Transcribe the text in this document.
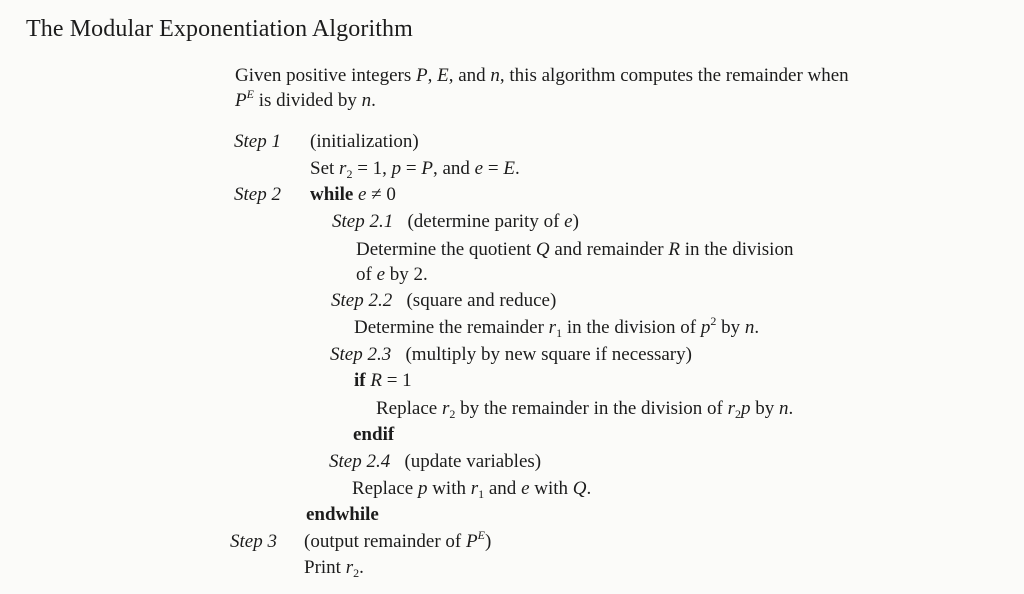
The Modular Exponentiation Algorithm
Given positive integers P, E, and n, this algorithm computes the remainder when
$P^E$ is divided by n.
Step 1 (initialization)
Set $r_2 = 1$, p = P, and e = E.
Step 2 while e ≠ 0
Step 2.1 (determine parity of e)
Determine the quotient Q and remainder R in the division
of e by 2.
Step 2.2 (square and reduce)
Determine the remainder $r_1$ in the division of $p^2$ by n.
Step 2.3 (multiply by new square if necessary)
if R = 1
Replace $r_2$ by the remainder in the division of $r_2p$ by n.
endif
Step 2.4 (update variables)
Replace p with $r_1$ and e with Q.
endwhile
Step 3 (output remainder of $P^E$)
Print $r_2$.
